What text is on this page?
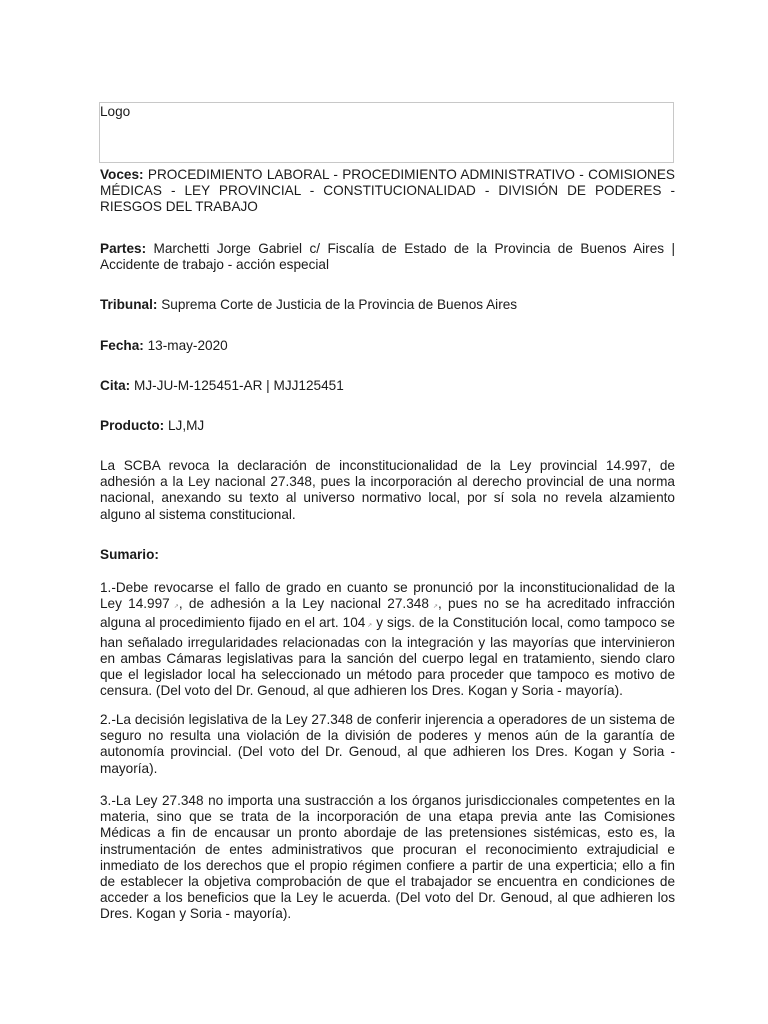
Logo

Voces: PROCEDIMIENTO LABORAL - PROCEDIMIENTO ADMINISTRATIVO - COMISIONES MÉDICAS - LEY PROVINCIAL - CONSTITUCIONALIDAD - DIVISIÓN DE PODERES - RIESGOS DEL TRABAJO

Partes: Marchetti Jorge Gabriel c/ Fiscalía de Estado de la Provincia de Buenos Aires | Accidente de trabajo - acción especial

Tribunal: Suprema Corte de Justicia de la Provincia de Buenos Aires

Fecha: 13-may-2020

Cita: MJ-JU-M-125451-AR | MJJ125451

Producto: LJ,MJ

La SCBA revoca la declaración de inconstitucionalidad de la Ley provincial 14.997, de adhesión a la Ley nacional 27.348, pues la incorporación al derecho provincial de una norma nacional, anexando su texto al universo normativo local, por sí sola no revela alzamiento alguno al sistema constitucional.

Sumario:

1.-Debe revocarse el fallo de grado en cuanto se pronunció por la inconstitucionalidad de la Ley 14.997 ↗, de adhesión a la Ley nacional 27.348 ↗, pues no se ha acreditado infracción alguna al procedimiento fijado en el art. 104 ↗ y sigs. de la Constitución local, como tampoco se han señalado irregularidades relacionadas con la integración y las mayorías que intervinieron en ambas Cámaras legislativas para la sanción del cuerpo legal en tratamiento, siendo claro que el legislador local ha seleccionado un método para proceder que tampoco es motivo de censura. (Del voto del Dr. Genoud, al que adhieren los Dres. Kogan y Soria - mayoría).

2.-La decisión legislativa de la Ley 27.348 de conferir injerencia a operadores de un sistema de seguro no resulta una violación de la división de poderes y menos aún de la garantía de autonomía provincial. (Del voto del Dr. Genoud, al que adhieren los Dres. Kogan y Soria - mayoría).

3.-La Ley 27.348 no importa una sustracción a los órganos jurisdiccionales competentes en la materia, sino que se trata de la incorporación de una etapa previa ante las Comisiones Médicas a fin de encausar un pronto abordaje de las pretensiones sistémicas, esto es, la instrumentación de entes administrativos que procuran el reconocimiento extrajudicial e inmediato de los derechos que el propio régimen confiere a partir de una experticia; ello a fin de establecer la objetiva comprobación de que el trabajador se encuentra en condiciones de acceder a los beneficios que la Ley le acuerda. (Del voto del Dr. Genoud, al que adhieren los Dres. Kogan y Soria - mayoría).
